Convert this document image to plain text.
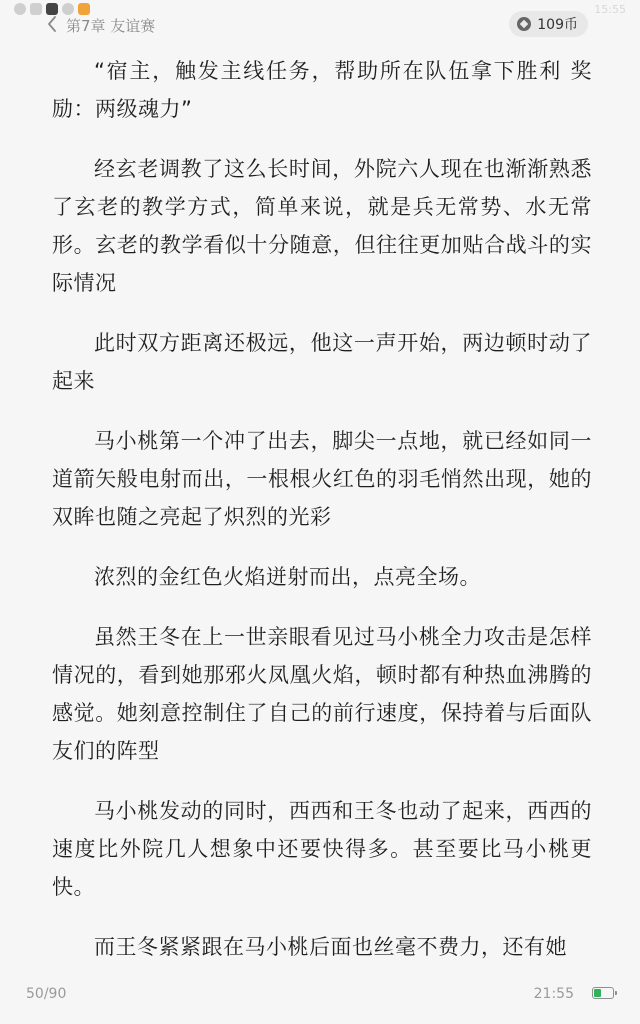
15:55
第7章 友谊赛	109币

“宿主，触发主线任务，帮助所在队伍拿下胜利 奖励：两级魂力”

经玄老调教了这么长时间，外院六人现在也渐渐熟悉了玄老的教学方式，简单来说，就是兵无常势、水无常形。玄老的教学看似十分随意，但往往更加贴合战斗的实际情况

此时双方距离还极远，他这一声开始，两边顿时动了起来

马小桃第一个冲了出去，脚尖一点地，就已经如同一道箭矢般电射而出，一根根火红色的羽毛悄然出现，她的双眸也随之亮起了炽烈的光彩

浓烈的金红色火焰迸射而出，点亮全场。

虽然王冬在上一世亲眼看见过马小桃全力攻击是怎样情况的，看到她那邪火凤凰火焰，顿时都有种热血沸腾的感觉。她刻意控制住了自己的前行速度，保持着与后面队友们的阵型

马小桃发动的同时，西西和王冬也动了起来，西西的速度比外院几人想象中还要快得多。甚至要比马小桃更快。

而王冬紧紧跟在马小桃后面也丝毫不费力，还有她

50/90	21:55
